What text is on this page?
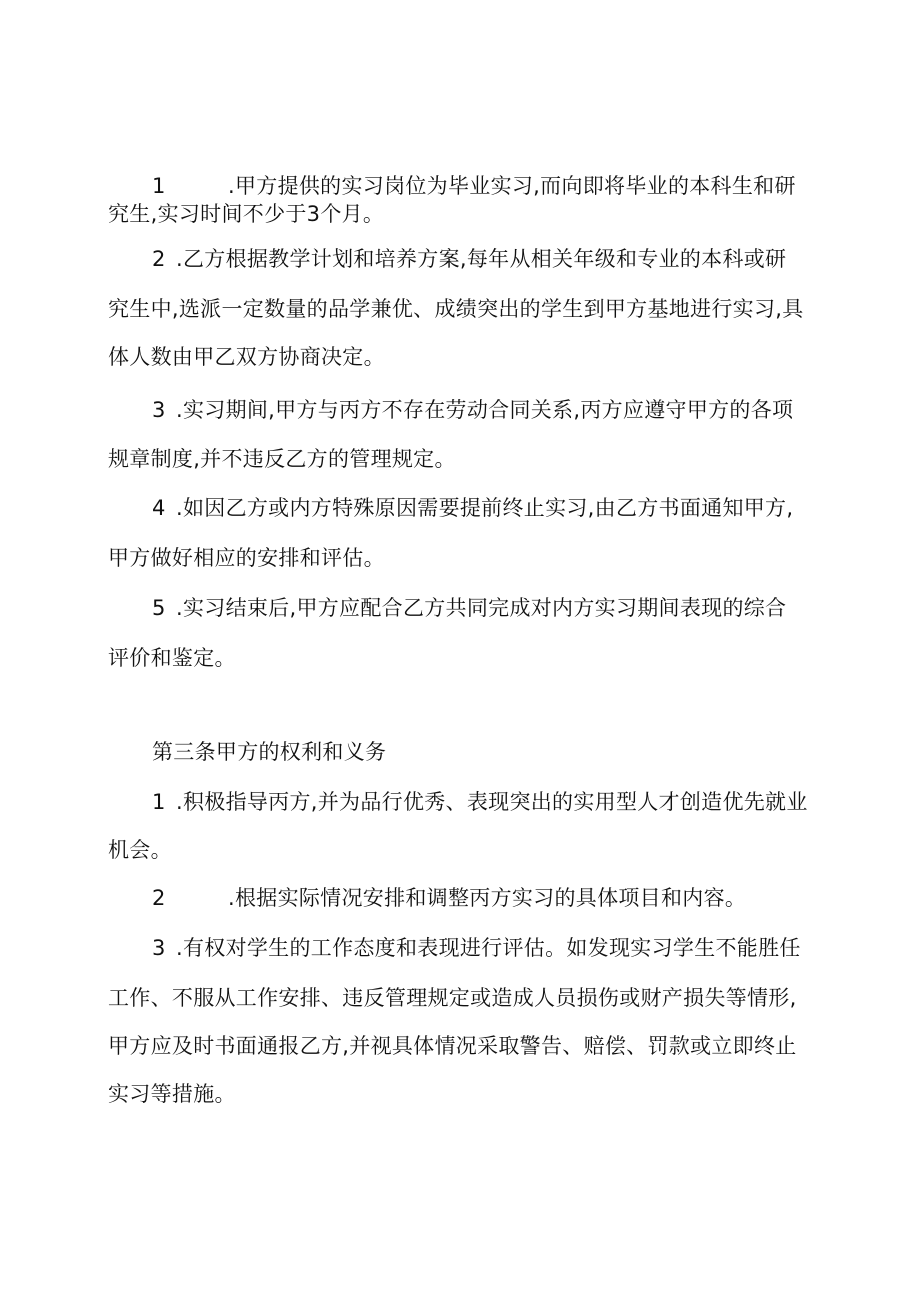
1	.甲方提供的实习岗位为毕业实习,而向即将毕业的本科生和研
究生,实习时间不少于3个月。
2 .乙方根据教学计划和培养方案,每年从相关年级和专业的本科或研
究生中,选派一定数量的品学兼优、成绩突出的学生到甲方基地进行实习,具
体人数由甲乙双方协商决定。
3 .实习期间,甲方与丙方不存在劳动合同关系,丙方应遵守甲方的各项
规章制度,并不违反乙方的管理规定。
4 .如因乙方或内方特殊原因需要提前终止实习,由乙方书面通知甲方,
甲方做好相应的安排和评估。
5 .实习结束后,甲方应配合乙方共同完成对内方实习期间表现的综合
评价和鉴定。
第三条甲方的权利和义务
1 .积极指导丙方,并为品行优秀、表现突出的实用型人才创造优先就业
机会。
2	.根据实际情况安排和调整丙方实习的具体项目和内容。
3 .有权对学生的工作态度和表现进行评估。如发现实习学生不能胜任
工作、不服从工作安排、违反管理规定或造成人员损伤或财产损失等情形,
甲方应及时书面通报乙方,并视具体情况采取警告、赔偿、罚款或立即终止
实习等措施。
